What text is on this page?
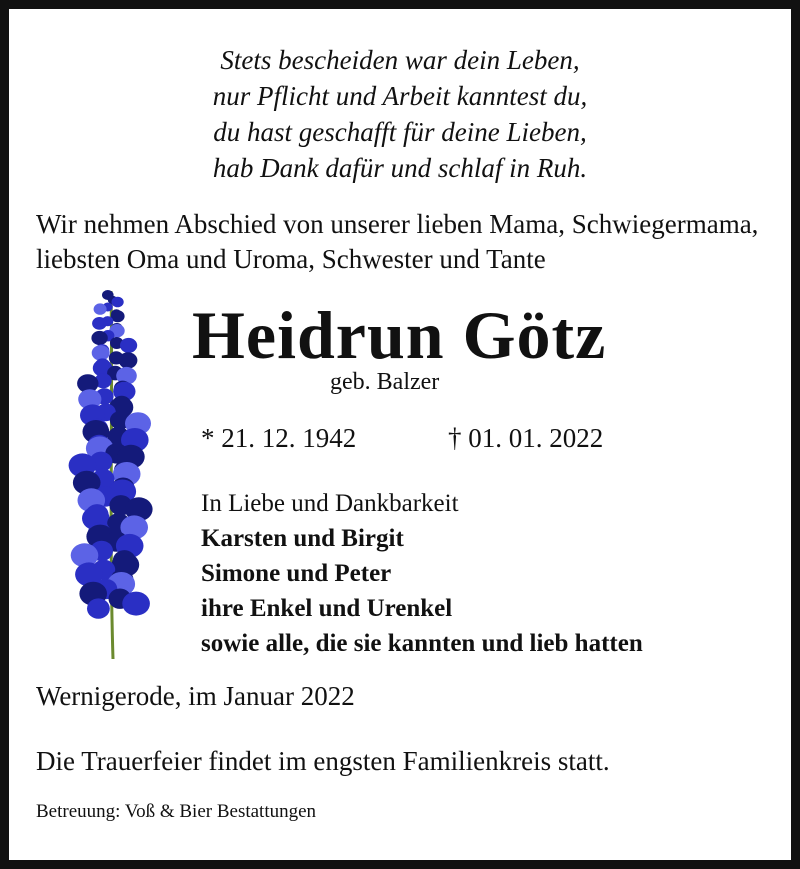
Stets bescheiden war dein Leben,

nur Pflicht und Arbeit kanntest du,

du hast geschafft für deine Lieben,

hab Dank dafür und schlaf in Ruh.

Wir nehmen Abschied von unserer lieben Mama, Schwiegermama,

liebsten Oma und Uroma, Schwester und Tante

Heidrun Götz

geb. Balzer

* 21. 12. 1942	† 01. 01. 2022

In Liebe und Dankbarkeit

Karsten und Birgit

Simone und Peter

ihre Enkel und Urenkel

sowie alle, die sie kannten und lieb hatten

Wernigerode, im Januar 2022

Die Trauerfeier findet im engsten Familienkreis statt.

Betreuung: Voß & Bier Bestattungen
